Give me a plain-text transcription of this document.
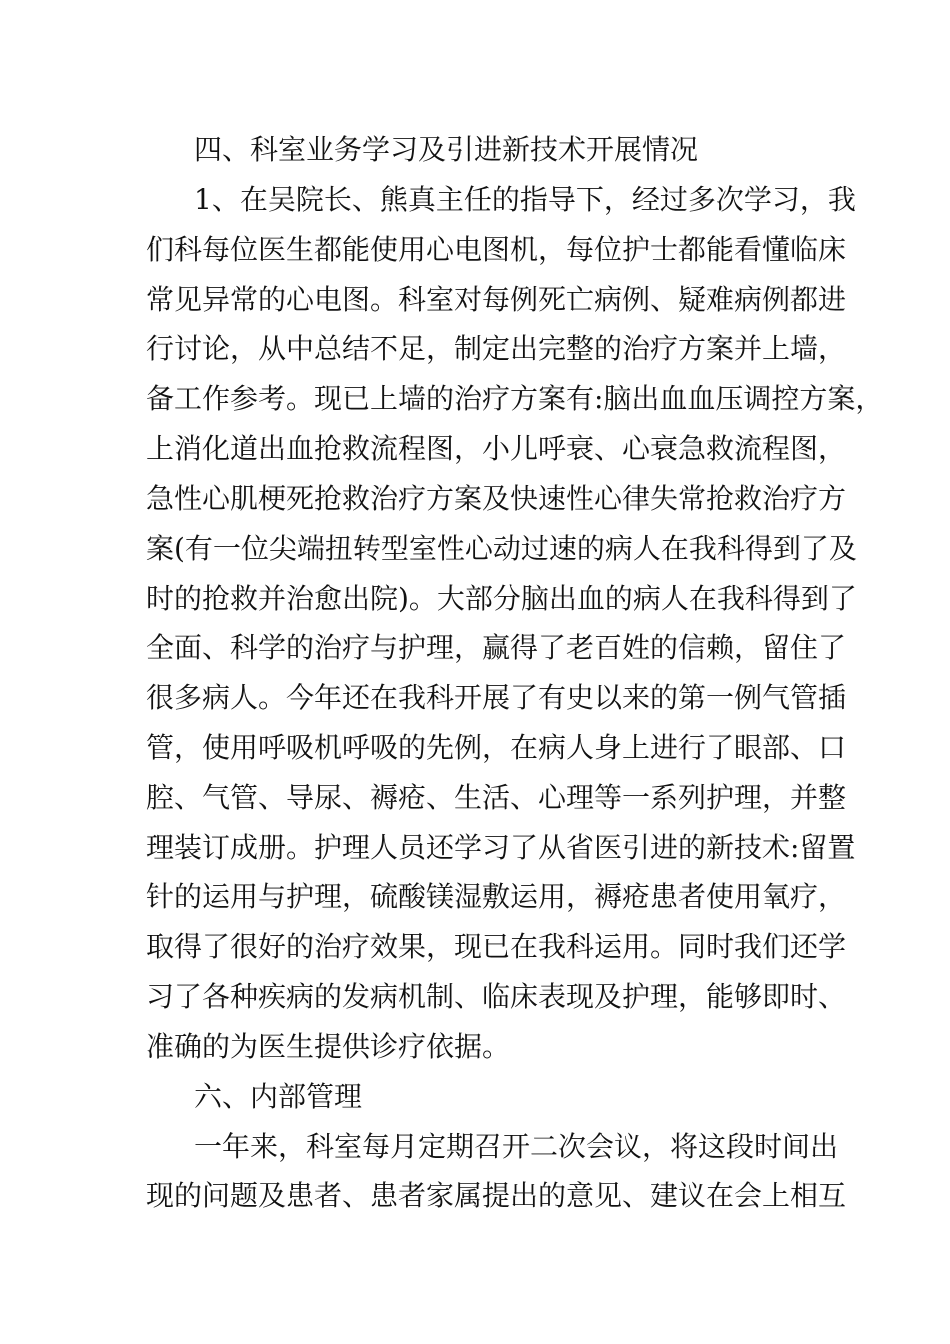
四、科室业务学习及引进新技术开展情况
1、在吴院长、熊真主任的指导下，经过多次学习，我
们科每位医生都能使用心电图机，每位护士都能看懂临床
常见异常的心电图。科室对每例死亡病例、疑难病例都进
行讨论，从中总结不足，制定出完整的治疗方案并上墙，
备工作参考。现已上墙的治疗方案有:脑出血血压调控方案，
上消化道出血抢救流程图，小儿呼衰、心衰急救流程图，
急性心肌梗死抢救治疗方案及快速性心律失常抢救治疗方
案(有一位尖端扭转型室性心动过速的病人在我科得到了及
时的抢救并治愈出院)。大部分脑出血的病人在我科得到了
全面、科学的治疗与护理，赢得了老百姓的信赖，留住了
很多病人。今年还在我科开展了有史以来的第一例气管插
管，使用呼吸机呼吸的先例，在病人身上进行了眼部、口
腔、气管、导尿、褥疮、生活、心理等一系列护理，并整
理装订成册。护理人员还学习了从省医引进的新技术:留置
针的运用与护理，硫酸镁湿敷运用，褥疮患者使用氧疗，
取得了很好的治疗效果，现已在我科运用。同时我们还学
习了各种疾病的发病机制、临床表现及护理，能够即时、
准确的为医生提供诊疗依据。
六、内部管理
一年来，科室每月定期召开二次会议，将这段时间出
现的问题及患者、患者家属提出的意见、建议在会上相互
